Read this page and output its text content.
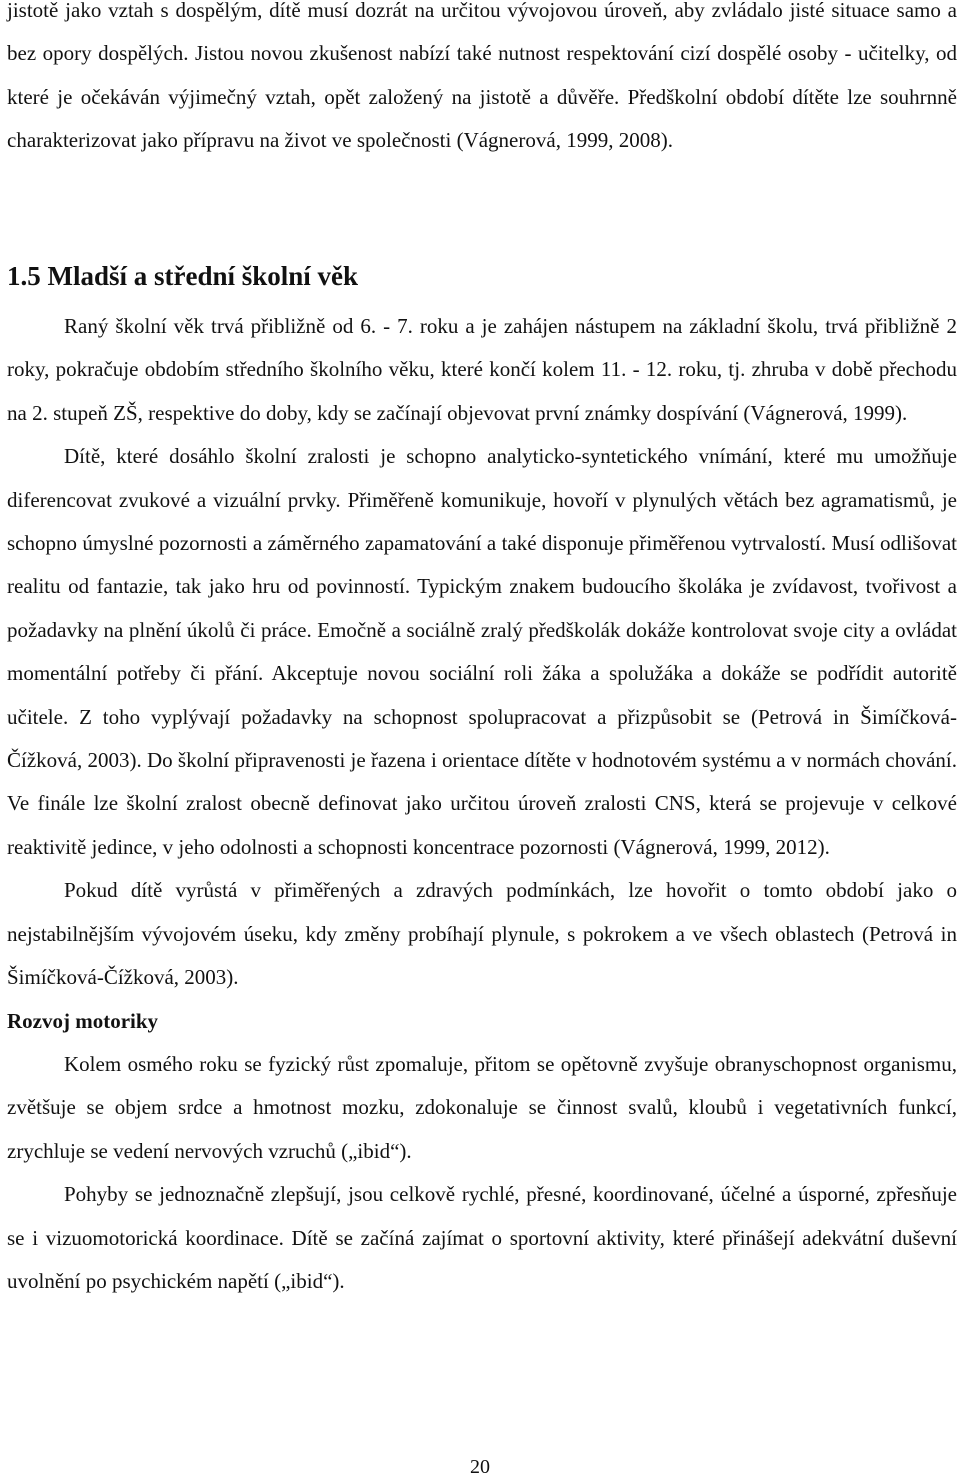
jistotě jako vztah s dospělým, dítě musí dozrát na určitou vývojovou úroveň, aby zvládalo jisté situace samo a bez opory dospělých. Jistou novou zkušenost nabízí také nutnost respektování cizí dospělé osoby - učitelky, od které je očekáván výjimečný vztah, opět založený na jistotě a důvěře. Předškolní období dítěte lze souhrnně charakterizovat jako přípravu na život ve společnosti (Vágnerová, 1999, 2008).

1.5 Mladší a střední školní věk

Raný školní věk trvá přibližně od 6. - 7. roku a je zahájen nástupem na základní školu, trvá přibližně 2 roky, pokračuje obdobím středního školního věku, které končí kolem 11. - 12. roku, tj. zhruba v době přechodu na 2. stupeň ZŠ, respektive do doby, kdy se začínají objevovat první známky dospívání (Vágnerová, 1999).

Dítě, které dosáhlo školní zralosti je schopno analyticko-syntetického vnímání, které mu umožňuje diferencovat zvukové a vizuální prvky. Přiměřeně komunikuje, hovoří v plynulých větách bez agramatismů, je schopno úmyslné pozornosti a záměrného zapamatování a také disponuje přiměřenou vytrvalostí. Musí odlišovat realitu od fantazie, tak jako hru od povinností. Typickým znakem budoucího školáka je zvídavost, tvořivost a požadavky na plnění úkolů či práce. Emočně a sociálně zralý předškolák dokáže kontrolovat svoje city a ovládat momentální potřeby či přání. Akceptuje novou sociální roli žáka a spolužáka a dokáže se podřídit autoritě učitele. Z toho vyplývají požadavky na schopnost spolupracovat a přizpůsobit se (Petrová in Šimíčková-Čížková, 2003). Do školní připravenosti je řazena i orientace dítěte v hodnotovém systému a v normách chování. Ve finále lze školní zralost obecně definovat jako určitou úroveň zralosti CNS, která se projevuje v celkové reaktivitě jedince, v jeho odolnosti a schopnosti koncentrace pozornosti (Vágnerová, 1999, 2012).

Pokud dítě vyrůstá v přiměřených a zdravých podmínkách, lze hovořit o tomto období jako o nejstabilnějším vývojovém úseku, kdy změny probíhají plynule, s pokrokem a ve všech oblastech (Petrová in Šimíčková-Čížková, 2003).

Rozvoj motoriky

Kolem osmého roku se fyzický růst zpomaluje, přitom se opětovně zvyšuje obranyschopnost organismu, zvětšuje se objem srdce a hmotnost mozku, zdokonaluje se činnost svalů, kloubů i vegetativních funkcí, zrychluje se vedení nervových vzruchů („ibid“).

Pohyby se jednoznačně zlepšují, jsou celkově rychlé, přesné, koordinované, účelné a úsporné, zpřesňuje se i vizuomotorická koordinace. Dítě se začíná zajímat o sportovní aktivity, které přinášejí adekvátní duševní uvolnění po psychickém napětí („ibid“).

20
